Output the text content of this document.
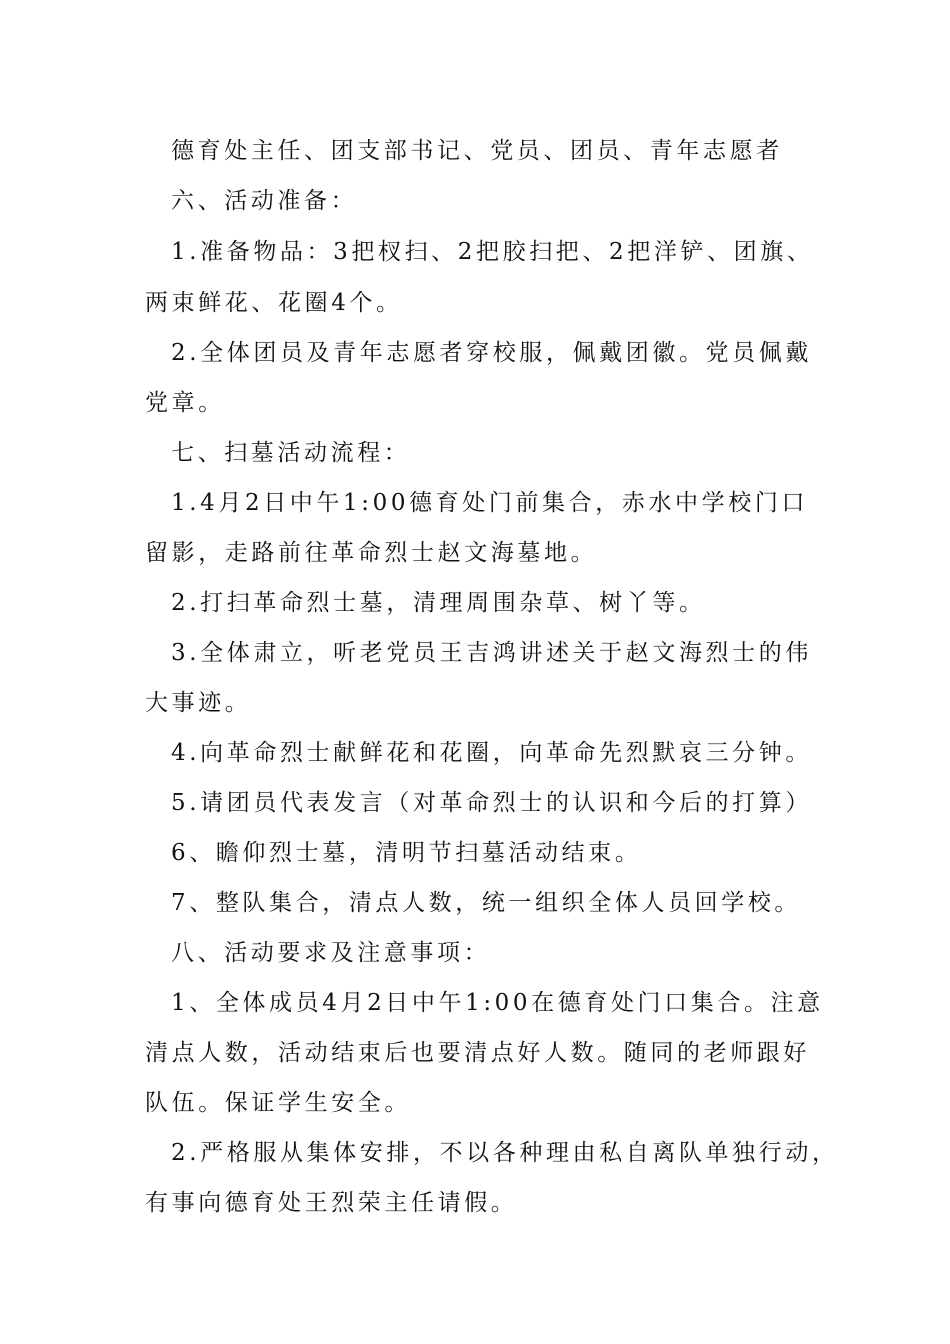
德育处主任、团支部书记、党员、团员、青年志愿者
六、活动准备：
1.准备物品：3把杈扫、2把胶扫把、2把洋铲、团旗、
两束鲜花、花圈4个。
2.全体团员及青年志愿者穿校服，佩戴团徽。党员佩戴
党章。
七、扫墓活动流程：
1.4月2日中午1:00德育处门前集合，赤水中学校门口
留影，走路前往革命烈士赵文海墓地。
2.打扫革命烈士墓，清理周围杂草、树丫等。
3.全体肃立，听老党员王吉鸿讲述关于赵文海烈士的伟
大事迹。
4.向革命烈士献鲜花和花圈，向革命先烈默哀三分钟。
5.请团员代表发言（对革命烈士的认识和今后的打算）
6、瞻仰烈士墓，清明节扫墓活动结束。
7、整队集合，清点人数，统一组织全体人员回学校。
八、活动要求及注意事项：
1、全体成员4月2日中午1:00在德育处门口集合。注意
清点人数，活动结束后也要清点好人数。随同的老师跟好
队伍。保证学生安全。
2.严格服从集体安排，不以各种理由私自离队单独行动，
有事向德育处王烈荣主任请假。
